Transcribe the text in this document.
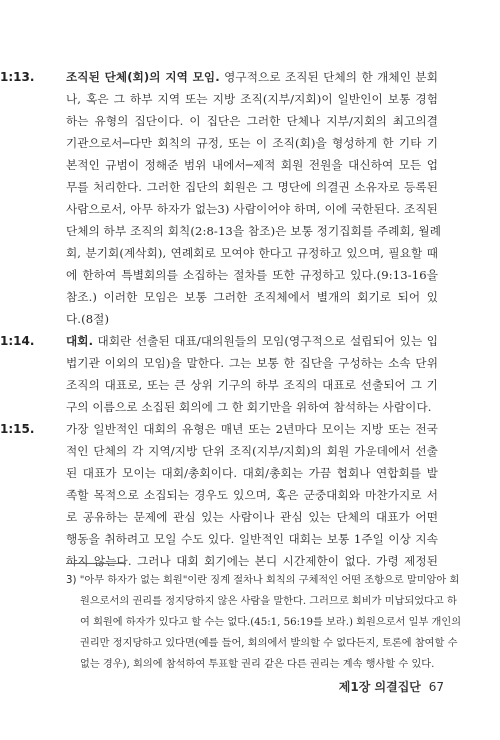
1:13.	조직된 단체(회)의 지역 모임. 영구적으로 조직된 단체의 한 개체인 분회
나, 혹은 그 하부 지역 또는 지방 조직(지부/지회)이 일반인이 보통 경험
하는 유형의 집단이다. 이 집단은 그러한 단체나 지부/지회의 최고의결
기관으로서─다만 회칙의 규정, 또는 이 조직(회)을 형성하게 한 기타 기
본적인 규범이 정해준 범위 내에서─제적 회원 전원을 대신하여 모든 업
무를 처리한다. 그러한 집단의 회원은 그 명단에 의결권 소유자로 등록된
사람으로서, 아무 하자가 없는3) 사람이어야 하며, 이에 국한된다. 조직된
단체의 하부 조직의 회칙(2:8-13을 참조)은 보통 정기집회를 주례회, 월례
회, 분기회(계삭회), 연례회로 모여야 한다고 규정하고 있으며, 필요할 때
에 한하여 특별회의를 소집하는 절차를 또한 규정하고 있다.(9:13-16을
참조.) 이러한 모임은 보통 그러한 조직체에서 별개의 회기로 되어 있
다.(8절)
1:14.	대회. 대회란 선출된 대표/대의원들의 모임(영구적으로 설립되어 있는 입
법기관 이외의 모임)을 말한다. 그는 보통 한 집단을 구성하는 소속 단위
조직의 대표로, 또는 큰 상위 기구의 하부 조직의 대표로 선출되어 그 기
구의 이름으로 소집된 회의에 그 한 회기만을 위하여 참석하는 사람이다.
1:15.	가장 일반적인 대회의 유형은 매년 또는 2년마다 모이는 지방 또는 전국
적인 단체의 각 지역/지방 단위 조직(지부/지회)의 회원 가운데에서 선출
된 대표가 모이는 대회/총회이다. 대회/총회는 가끔 협회나 연합회를 발
족할 목적으로 소집되는 경우도 있으며, 혹은 군중대회와 마찬가지로 서
로 공유하는 문제에 관심 있는 사람이나 관심 있는 단체의 대표가 어떤
행동을 취하려고 모일 수도 있다. 일반적인 대회는 보통 1주일 이상 지속
하지 않는다. 그러나 대회 회기에는 본디 시간제한이 없다. 가령 제정된
3) "아무 하자가 없는 회원"이란 징계 절차나 회칙의 구체적인 어떤 조항으로 말미암아 회
원으로서의 권리를 정지당하지 않은 사람을 말한다. 그러므로 회비가 미납되었다고 하
여 회원에 하자가 있다고 할 수는 없다.(45:1, 56:19를 보라.) 회원으로서 일부 개인의
권리만 정지당하고 있다면(예를 들어, 회의에서 발의할 수 없다든지, 토론에 참여할 수
없는 경우), 회의에 참석하여 투표할 권리 같은 다른 권리는 계속 행사할 수 있다.
제1장 의결집단 67
